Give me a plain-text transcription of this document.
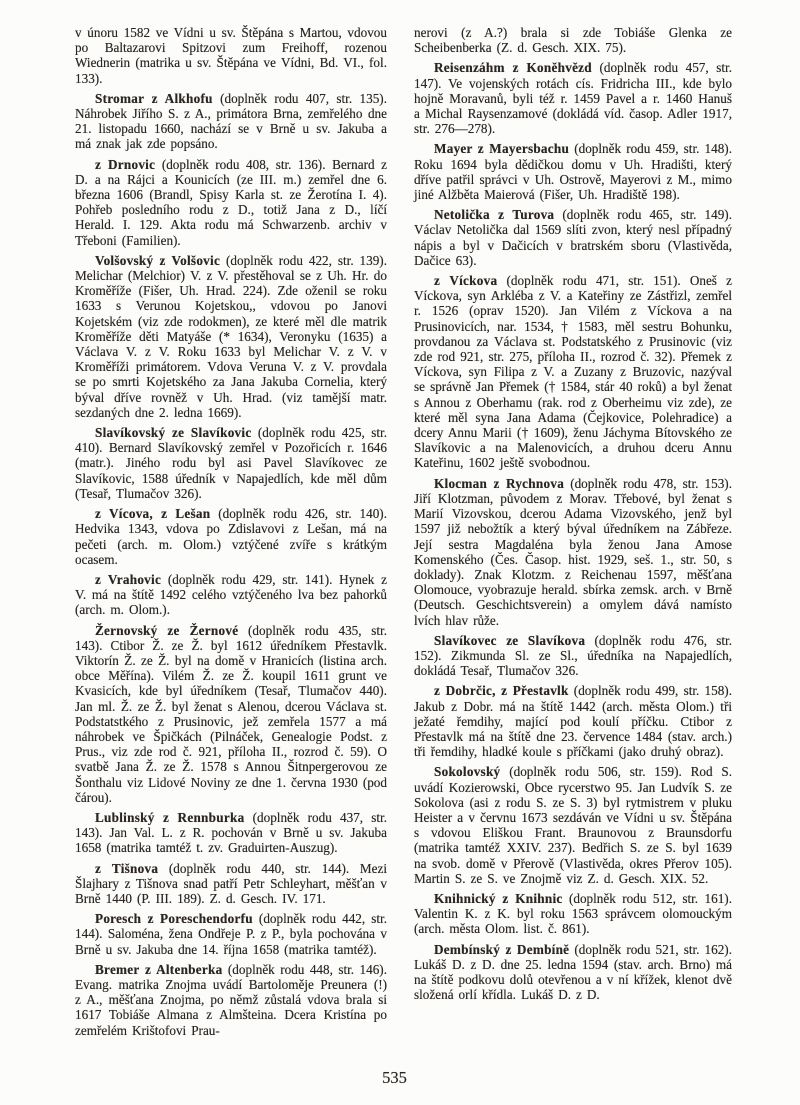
v únoru 1582 ve Vídni u sv. Štěpána s Martou, vdovou po Baltazarovi Spitzovi zum Freihoff, rozenou Wiednerin (matrika u sv. Štěpána ve Vídni, Bd. VI., fol. 133).

Stromar z Alkhofu (doplněk rodu 407, str. 135). Náhrobek Jiřího S. z A., primátora Brna, zemřelého dne 21. listopadu 1660, nachází se v Brně u sv. Jakuba a má znak jak zde popsáno.

z Drnovic (doplněk rodu 408, str. 136). Bernard z D. a na Rájci a Kounicích (ze III. m.) zemřel dne 6. března 1606 (Brandl, Spisy Karla st. ze Žerotína I. 4). Pohřeb posledního rodu z D., totiž Jana z D., líčí Herald. I. 129. Akta rodu má Schwarzenb. archiv v Třeboni (Familien).

Volšovský z Volšovic (doplněk rodu 422, str. 139). Melichar (Melchior) V. z V. přestěhoval se z Uh. Hr. do Kroměříže (Fišer, Uh. Hrad. 224). Zde oženil se roku 1633 s Verunou Kojetskou,, vdovou po Janovi Kojetském (viz zde rodokmen), ze které měl dle matrik Kroměříže děti Matyáše (* 1634), Veronyku (1635) a Václava V. z V. Roku 1633 byl Melichar V. z V. v Kroměříži primátorem. Vdova Veruna V. z V. provdala se po smrti Kojetského za Jana Jakuba Cornelia, který býval dříve rovněž v Uh. Hrad. (viz tamější matr. sezdaných dne 2. ledna 1669).

Slavíkovský ze Slavíkovic (doplněk rodu 425, str. 410). Bernard Slavíkovský zemřel v Pozořicích r. 1646 (matr.). Jiného rodu byl asi Pavel Slavíkovec ze Slavíkovic, 1588 úředník v Napajedlích, kde měl dům (Tesař, Tlumačov 326).

z Vícova, z Lešan (doplněk rodu 426, str. 140). Hedvika 1343, vdova po Zdislavovi z Lešan, má na pečeti (arch. m. Olom.) vztýčené zvíře s krátkým ocasem.

z Vrahovic (doplněk rodu 429, str. 141). Hynek z V. má na štítě 1492 celého vztýčeného lva bez pahorků (arch. m. Olom.).

Žernovský ze Žernové (doplněk rodu 435, str. 143). Ctibor Ž. ze Ž. byl 1612 úředníkem Přestavlk. Viktorín Ž. ze Ž. byl na domě v Hranicích (listina arch. obce Měřína). Vilém Ž. ze Ž. koupil 1611 grunt ve Kvasicích, kde byl úředníkem (Tesař, Tlumačov 440). Jan ml. Ž. ze Ž. byl ženat s Alenou, dcerou Václava st. Podstatstkého z Prusinovic, jež zemřela 1577 a má náhrobek ve Špičkách (Pilnáček, Genealogie Podst. z Prus., viz zde rod č. 921, příloha II., rozrod č. 59). O svatbě Jana Ž. ze Ž. 1578 s Annou Šitnpergerovou ze Šonthalu viz Lidové Noviny ze dne 1. června 1930 (pod čárou).

Lublinský z Rennburka (doplněk rodu 437, str. 143). Jan Val. L. z R. pochován v Brně u sv. Jakuba 1658 (matrika tamtéž t. zv. Graduirten-Auszug).

z Tišnova (doplněk rodu 440, str. 144). Mezi Šlajhary z Tišnova snad patří Petr Schleyhart, měšťan v Brně 1440 (P. III. 189). Z. d. Gesch. IV. 171.

Poresch z Poreschendorfu (doplněk rodu 442, str. 144). Saloména, žena Ondřeje P. z P., byla pochována v Brně u sv. Jakuba dne 14. října 1658 (matrika tamtéž).

Bremer z Altenberka (doplněk rodu 448, str. 146). Evang. matrika Znojma uvádí Bartoloměje Preunera (!) z A., měšťana Znojma, po němž zůstalá vdova brala si 1617 Tobiáše Almana z Almšteina. Dcera Kristína po zemřelém Krištofovi Prau-

nerovi (z A.?) brala si zde Tobiáše Glenka ze Scheibenberka (Z. d. Gesch. XIX. 75).

Reisenzáhm z Koněhvězd (doplněk rodu 457, str. 147). Ve vojenských rotách cís. Fridricha III., kde bylo hojně Moravanů, byli též r. 1459 Pavel a r. 1460 Hanuš a Michal Raysenzamové (dokládá víd. časop. Adler 1917, str. 276—278).

Mayer z Mayersbachu (doplněk rodu 459, str. 148). Roku 1694 byla dědičkou domu v Uh. Hradišti, který dříve patřil správci v Uh. Ostrově, Mayerovi z M., mimo jiné Alžběta Maierová (Fišer, Uh. Hradiště 198).

Netolička z Turova (doplněk rodu 465, str. 149). Václav Netolička dal 1569 slíti zvon, který nesl případný nápis a byl v Dačicích v bratrském sboru (Vlastivěda, Dačice 63).

z Víckova (doplněk rodu 471, str. 151). Oneš z Víckova, syn Arkléba z V. a Kateřiny ze Zástřizl, zemřel r. 1526 (oprav 1520). Jan Vilém z Víckova a na Prusinovicích, nar. 1534, † 1583, měl sestru Bohunku, provdanou za Václava st. Podstatského z Prusinovic (viz zde rod 921, str. 275, příloha II., rozrod č. 32). Přemek z Víckova, syn Filipa z V. a Zuzany z Bruzovic, nazýval se správně Jan Přemek († 1584, stár 40 roků) a byl ženat s Annou z Oberhamu (rak. rod z Oberheimu viz zde), ze které měl syna Jana Adama (Čejkovice, Polehradice) a dcery Annu Marii († 1609), ženu Jáchyma Bítovského ze Slavíkovic a na Malenovicích, a druhou dceru Annu Kateřinu, 1602 ještě svobodnou.

Klocman z Rychnova (doplněk rodu 478, str. 153). Jiří Klotzman, původem z Morav. Třebové, byl ženat s Marií Vizovskou, dcerou Adama Vizovského, jenž byl 1597 již nebožtík a který býval úředníkem na Zábřeze. Její sestra Magdaléna byla ženou Jana Amose Komenského (Čes. Časop. hist. 1929, seš. 1., str. 50, s doklady). Znak Klotzm. z Reichenau 1597, měšťana Olomouce, vyobrazuje herald. sbírka zemsk. arch. v Brně (Deutsch. Geschichtsverein) a omylem dává namísto lvích hlav růže.

Slavíkovec ze Slavíkova (doplněk rodu 476, str. 152). Zikmunda Sl. ze Sl., úředníka na Napajedlích, dokládá Tesař, Tlumačov 326.

z Dobrčic, z Přestavlk (doplněk rodu 499, str. 158). Jakub z Dobr. má na štítě 1442 (arch. města Olom.) tři ježaté řemdihy, mající pod koulí příčku. Ctibor z Přestavlk má na štítě dne 23. července 1484 (stav. arch.) tři řemdihy, hladké koule s příčkami (jako druhý obraz).

Sokolovský (doplněk rodu 506, str. 159). Rod S. uvádí Kozierowski, Obce rycerstwo 95. Jan Ludvík S. ze Sokolova (asi z rodu S. ze S. 3) byl rytmistrem v pluku Heister a v červnu 1673 sezdáván ve Vídni u sv. Štěpána s vdovou Eliškou Frant. Braunovou z Braunsdorfu (matrika tamtéž XXIV. 237). Bedřich S. ze S. byl 1639 na svob. domě v Přerově (Vlastivěda, okres Přerov 105). Martin S. ze S. ve Znojmě viz Z. d. Gesch. XIX. 52.

Knihnický z Knihnic (doplněk rodu 512, str. 161). Valentin K. z K. byl roku 1563 správcem olomouckým (arch. města Olom. list. č. 861).

Dembínský z Dembíně (doplněk rodu 521, str. 162). Lukáš D. z D. dne 25. ledna 1594 (stav. arch. Brno) má na štítě podkovu dolů otevřenou a v ní křížek, klenot dvě složená orlí křídla. Lukáš D. z D.

535
